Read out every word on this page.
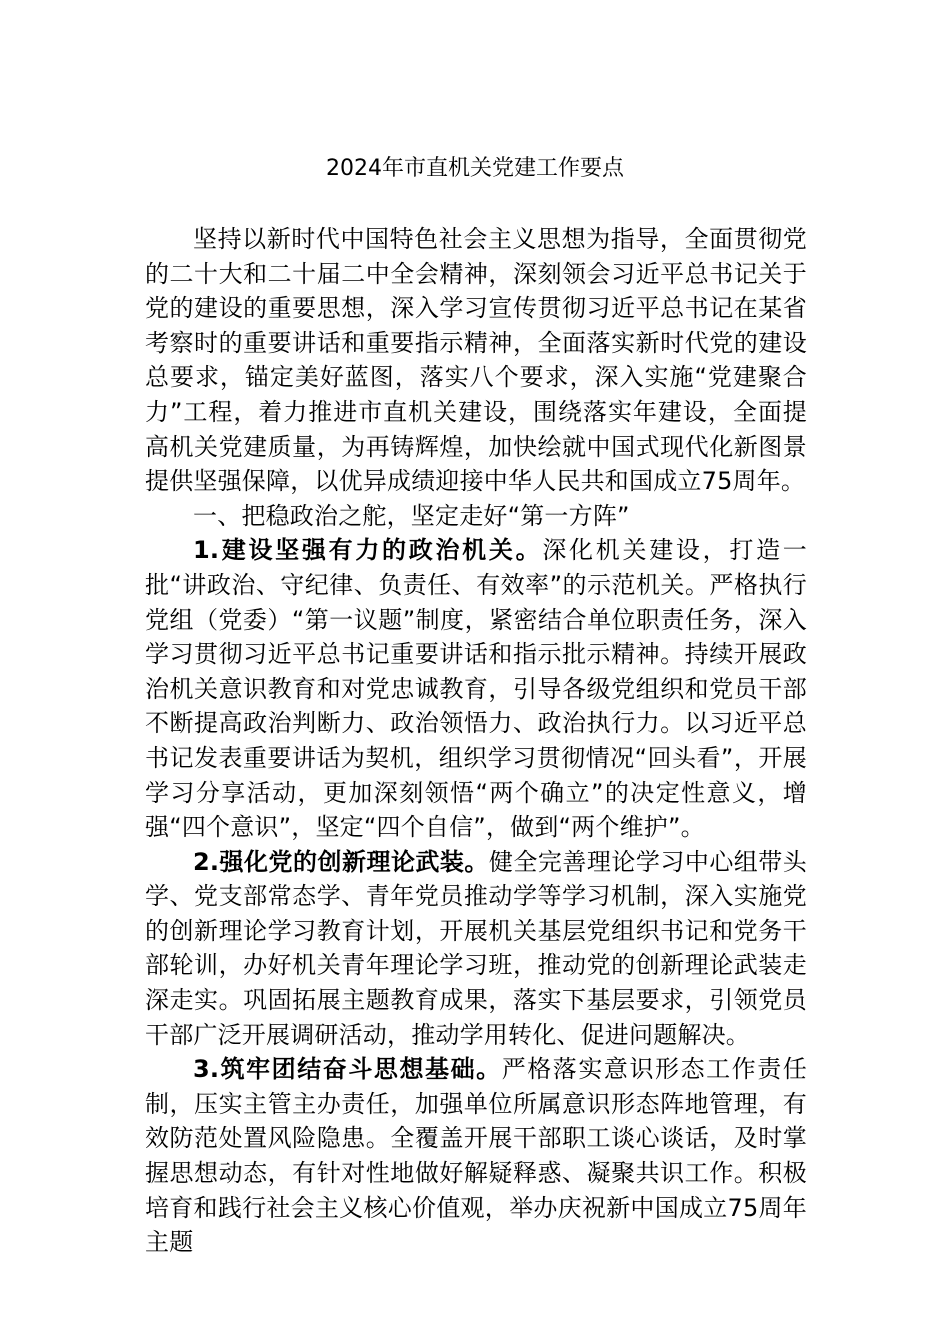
2024年市直机关党建工作要点

坚持以新时代中国特色社会主义思想为指导，全面贯彻党的二十大和二十届二中全会精神，深刻领会习近平总书记关于党的建设的重要思想，深入学习宣传贯彻习近平总书记在某省考察时的重要讲话和重要指示精神，全面落实新时代党的建设总要求，锚定美好蓝图，落实八个要求，深入实施“党建聚合力”工程，着力推进市直机关建设，围绕落实年建设，全面提高机关党建质量，为再铸辉煌，加快绘就中国式现代化新图景提供坚强保障，以优异成绩迎接中华人民共和国成立75周年。

一、把稳政治之舵，坚定走好“第一方阵”

1.建设坚强有力的政治机关。深化机关建设，打造一批“讲政治、守纪律、负责任、有效率”的示范机关。严格执行党组（党委）“第一议题”制度，紧密结合单位职责任务，深入学习贯彻习近平总书记重要讲话和指示批示精神。持续开展政治机关意识教育和对党忠诚教育，引导各级党组织和党员干部不断提高政治判断力、政治领悟力、政治执行力。以习近平总书记发表重要讲话为契机，组织学习贯彻情况“回头看”，开展学习分享活动，更加深刻领悟“两个确立”的决定性意义，增强“四个意识”，坚定“四个自信”，做到“两个维护”。

2.强化党的创新理论武装。健全完善理论学习中心组带头学、党支部常态学、青年党员推动学等学习机制，深入实施党的创新理论学习教育计划，开展机关基层党组织书记和党务干部轮训，办好机关青年理论学习班，推动党的创新理论武装走深走实。巩固拓展主题教育成果，落实下基层要求，引领党员干部广泛开展调研活动，推动学用转化、促进问题解决。

3.筑牢团结奋斗思想基础。严格落实意识形态工作责任制，压实主管主办责任，加强单位所属意识形态阵地管理，有效防范处置风险隐患。全覆盖开展干部职工谈心谈话，及时掌握思想动态，有针对性地做好解疑释惑、凝聚共识工作。积极培育和践行社会主义核心价值观，举办庆祝新中国成立75周年主题
